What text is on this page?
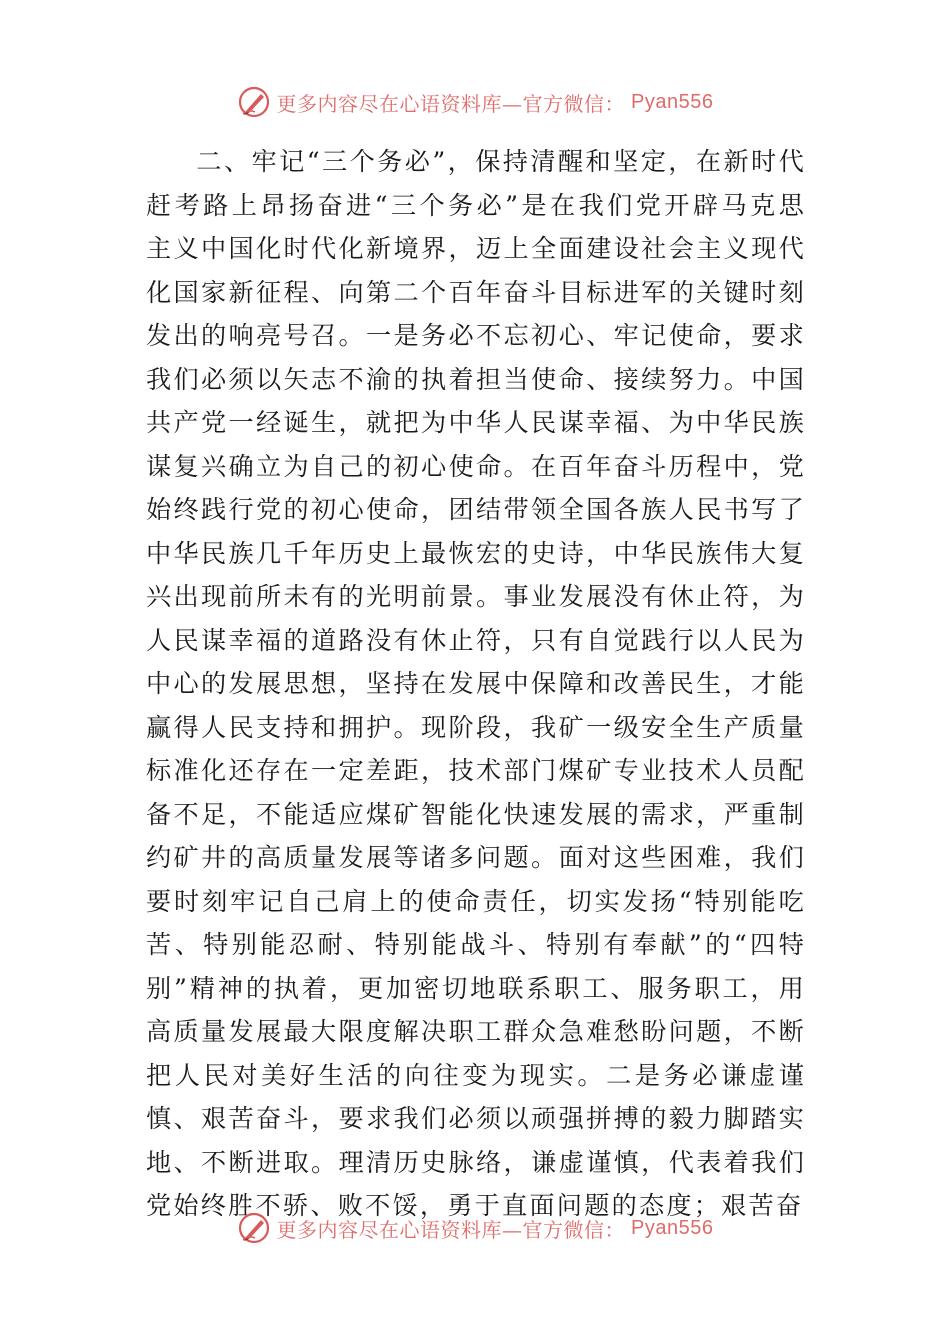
更多内容尽在心语资料库—官方微信： Pyan556

二、牢记“三个务必”，保持清醒和坚定，在新时代赶考路上昂扬奋进“三个务必”是在我们党开辟马克思主义中国化时代化新境界，迈上全面建设社会主义现代化国家新征程、向第二个百年奋斗目标进军的关键时刻发出的响亮号召。一是务必不忘初心、牢记使命，要求我们必须以矢志不渝的执着担当使命、接续努力。中国共产党一经诞生，就把为中华人民谋幸福、为中华民族谋复兴确立为自己的初心使命。在百年奋斗历程中，党始终践行党的初心使命，团结带领全国各族人民书写了中华民族几千年历史上最恢宏的史诗，中华民族伟大复兴出现前所未有的光明前景。事业发展没有休止符，为人民谋幸福的道路没有休止符，只有自觉践行以人民为中心的发展思想，坚持在发展中保障和改善民生，才能赢得人民支持和拥护。现阶段，我矿一级安全生产质量标准化还存在一定差距，技术部门煤矿专业技术人员配备不足，不能适应煤矿智能化快速发展的需求，严重制约矿井的高质量发展等诸多问题。面对这些困难，我们要时刻牢记自己肩上的使命责任，切实发扬“特别能吃苦、特别能忍耐、特别能战斗、特别有奉献”的“四特别”精神的执着，更加密切地联系职工、服务职工，用高质量发展最大限度解决职工群众急难愁盼问题，不断把人民对美好生活的向往变为现实。二是务必谦虚谨慎、艰苦奋斗，要求我们必须以顽强拼搏的毅力脚踏实地、不断进取。理清历史脉络，谦虚谨慎，代表着我们党始终胜不骄、败不馁，勇于直面问题的态度；艰苦奋

更多内容尽在心语资料库—官方微信： Pyan556
